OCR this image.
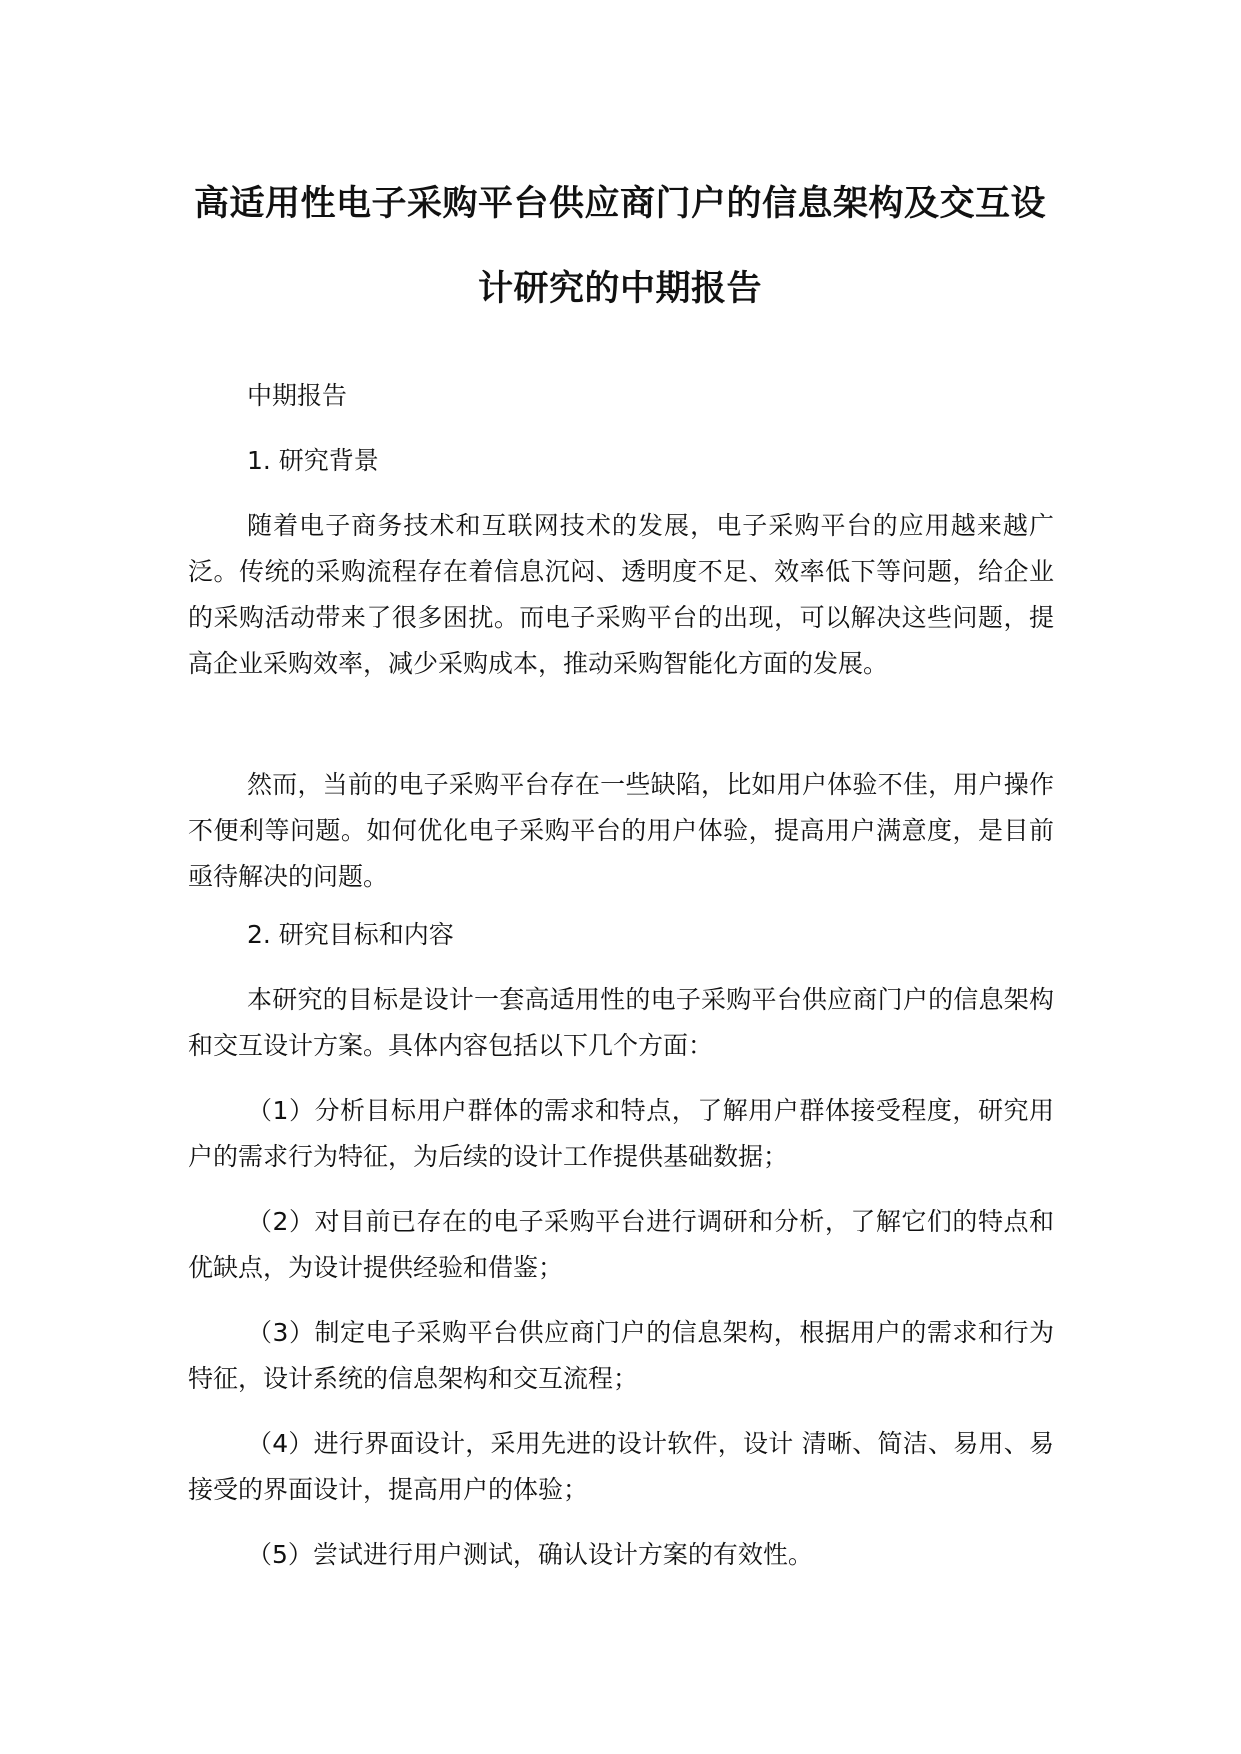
高适用性电子采购平台供应商门户的信息架构及交互设计研究的中期报告

中期报告

1. 研究背景

随着电子商务技术和互联网技术的发展，电子采购平台的应用越来越广泛。传统的采购流程存在着信息沉闷、透明度不足、效率低下等问题，给企业的采购活动带来了很多困扰。而电子采购平台的出现，可以解决这些问题，提高企业采购效率，减少采购成本，推动采购智能化方面的发展。

然而，当前的电子采购平台存在一些缺陷，比如用户体验不佳，用户操作不便利等问题。如何优化电子采购平台的用户体验，提高用户满意度，是目前亟待解决的问题。

2. 研究目标和内容

本研究的目标是设计一套高适用性的电子采购平台供应商门户的信息架构和交互设计方案。具体内容包括以下几个方面：

（1）分析目标用户群体的需求和特点，了解用户群体接受程度，研究用户的需求行为特征，为后续的设计工作提供基础数据；

（2）对目前已存在的电子采购平台进行调研和分析，了解它们的特点和优缺点，为设计提供经验和借鉴；

（3）制定电子采购平台供应商门户的信息架构，根据用户的需求和行为特征，设计系统的信息架构和交互流程；

（4）进行界面设计，采用先进的设计软件，设计 清晰、简洁、易用、易接受的界面设计，提高用户的体验；

（5）尝试进行用户测试，确认设计方案的有效性。
